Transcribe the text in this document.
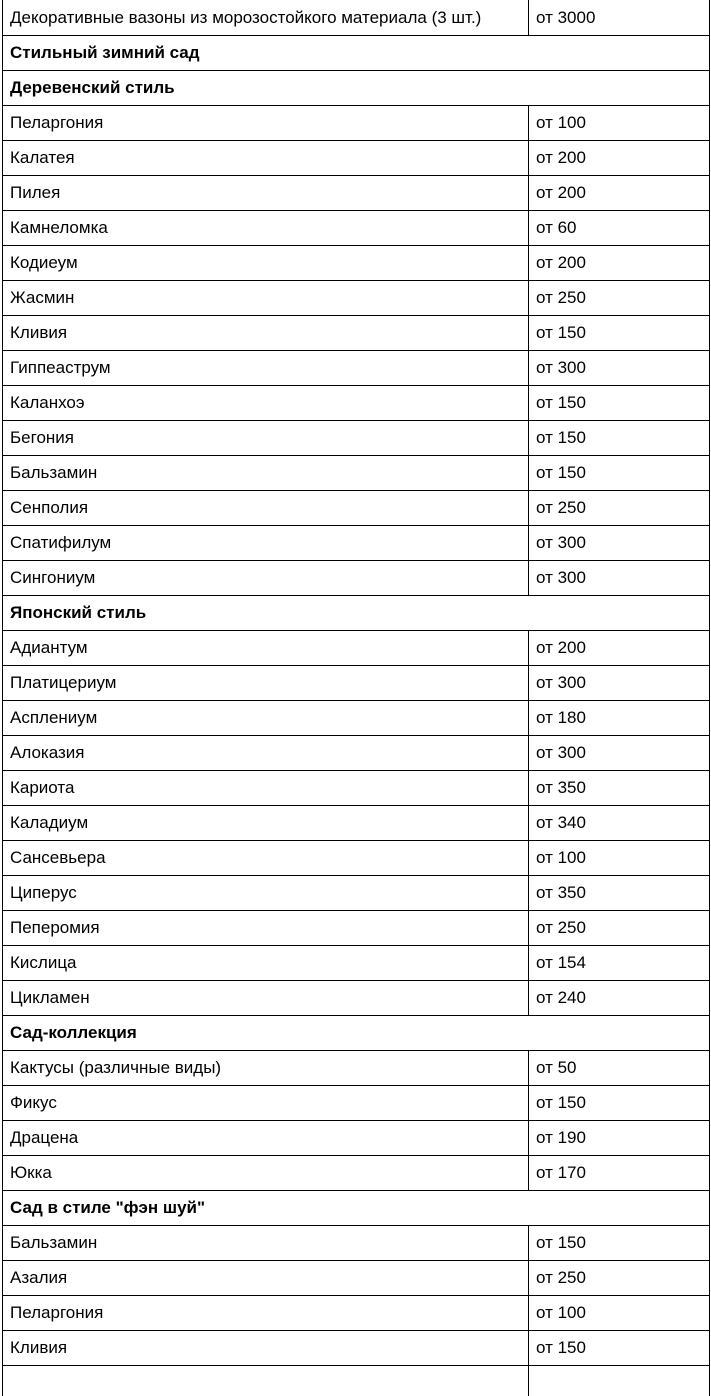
Декоративные вазоны из морозостойкого материала (3 шт.)	от 3000
Стильный зимний сад	
Деревенский стиль	
Пеларгония	от 100
Калатея	от 200
Пилея	от 200
Камнеломка	от 60
Кодиеум	от 200
Жасмин	от 250
Кливия	от 150
Гиппеаструм	от 300
Каланхоэ	от 150
Бегония	от 150
Бальзамин	от 150
Сенполия	от 250
Спатифилум	от 300
Сингониум	от 300
Японский стиль	
Адиантум	от 200
Платицериум	от 300
Асплениум	от 180
Алоказия	от 300
Кариота	от 350
Каладиум	от 340
Сансевьера	от 100
Циперус	от 350
Пеперомия	от 250
Кислица	от 154
Цикламен	от 240
Сад-коллекция	
Кактусы (различные виды)	от 50
Фикус	от 150
Драцена	от 190
Юкка	от 170
Сад в стиле "фэн шуй"	
Бальзамин	от 150
Азалия	от 250
Пеларгония	от 100
Кливия	от 150
